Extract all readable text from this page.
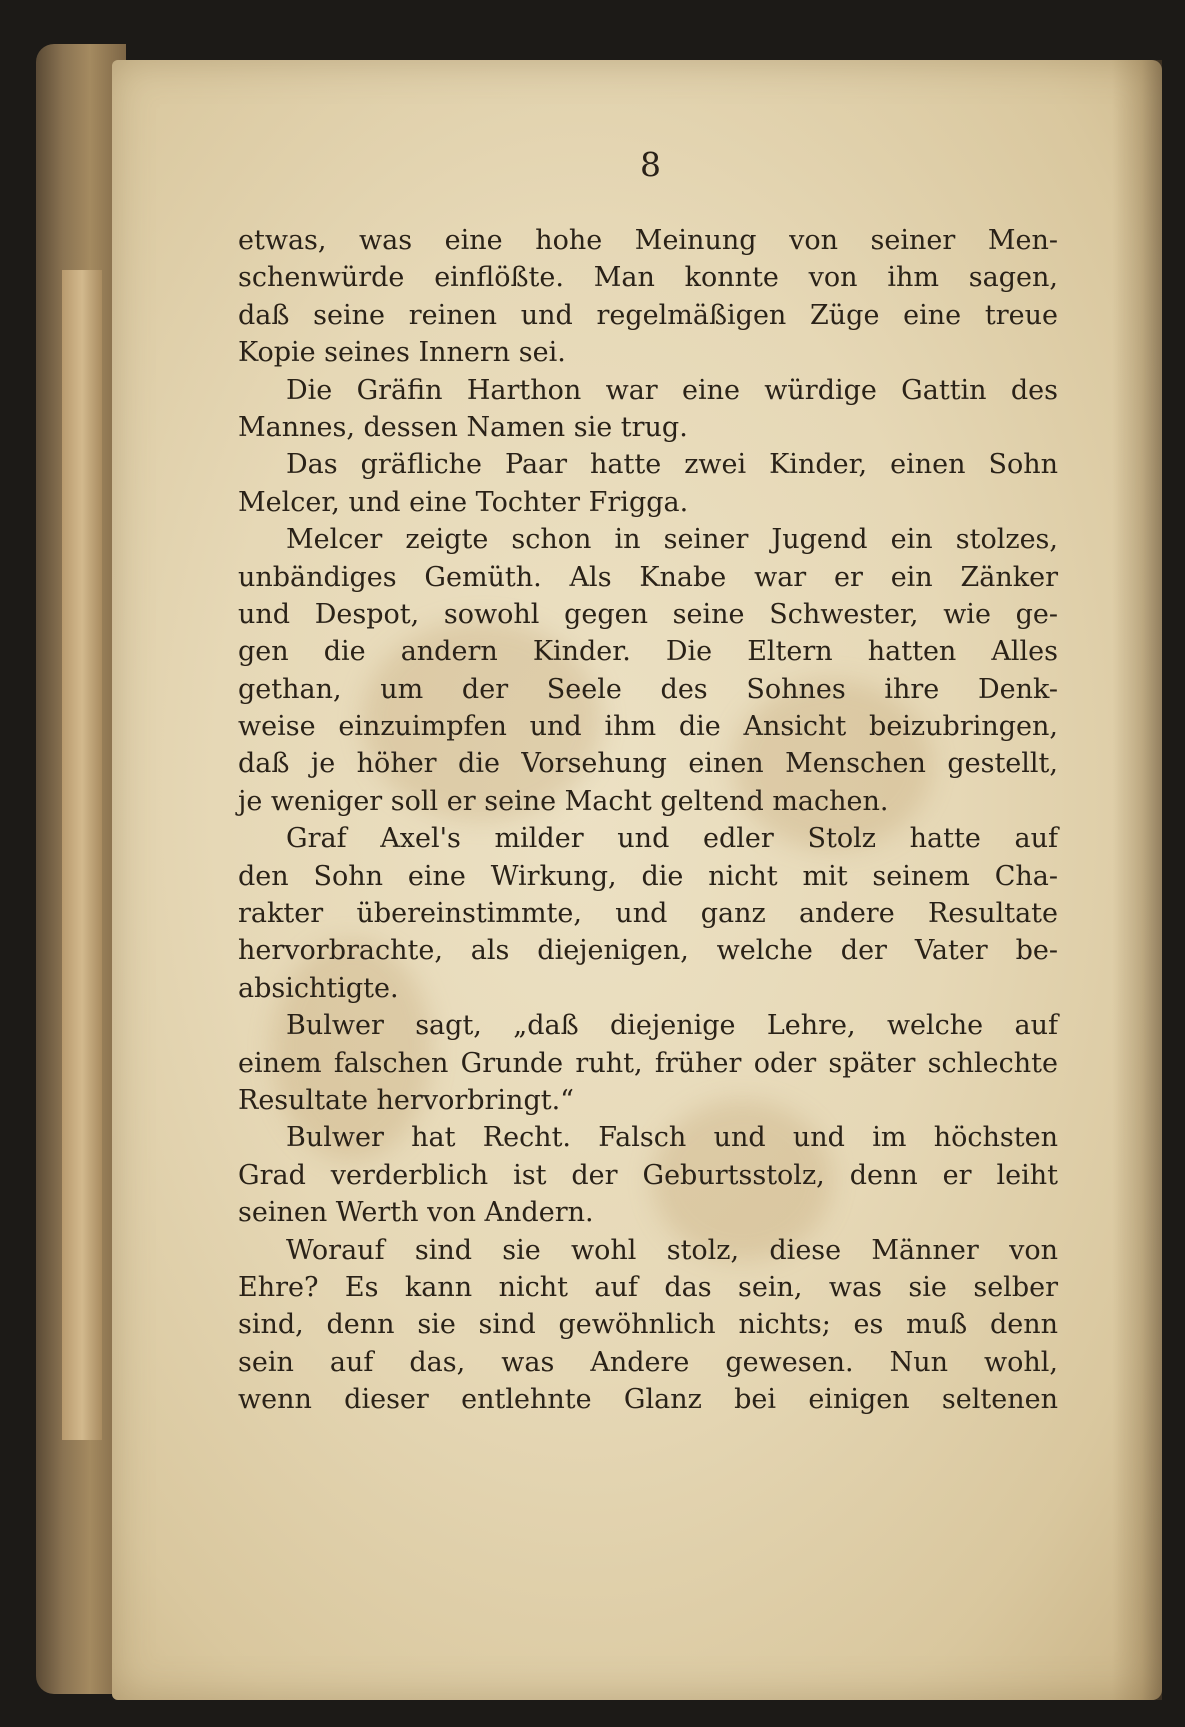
8
etwas, was eine hohe Meinung von seiner Men-
schenwürde einflößte. Man konnte von ihm sagen,
daß seine reinen und regelmäßigen Züge eine treue
Kopie seines Innern sei.
Die Gräfin Harthon war eine würdige Gattin des
Mannes, dessen Namen sie trug.
Das gräfliche Paar hatte zwei Kinder, einen Sohn
Melcer, und eine Tochter Frigga.
Melcer zeigte schon in seiner Jugend ein stolzes,
unbändiges Gemüth. Als Knabe war er ein Zänker
und Despot, sowohl gegen seine Schwester, wie ge-
gen die andern Kinder. Die Eltern hatten Alles
gethan, um der Seele des Sohnes ihre Denk-
weise einzuimpfen und ihm die Ansicht beizubringen,
daß je höher die Vorsehung einen Menschen gestellt,
je weniger soll er seine Macht geltend machen.
Graf Axel's milder und edler Stolz hatte auf
den Sohn eine Wirkung, die nicht mit seinem Cha-
rakter übereinstimmte, und ganz andere Resultate
hervorbrachte, als diejenigen, welche der Vater be-
absichtigte.
Bulwer sagt, „daß diejenige Lehre, welche auf
einem falschen Grunde ruht, früher oder später schlechte
Resultate hervorbringt.“
Bulwer hat Recht. Falsch und und im höchsten
Grad verderblich ist der Geburtsstolz, denn er leiht
seinen Werth von Andern.
Worauf sind sie wohl stolz, diese Männer von
Ehre? Es kann nicht auf das sein, was sie selber
sind, denn sie sind gewöhnlich nichts; es muß denn
sein auf das, was Andere gewesen. Nun wohl,
wenn dieser entlehnte Glanz bei einigen seltenen
